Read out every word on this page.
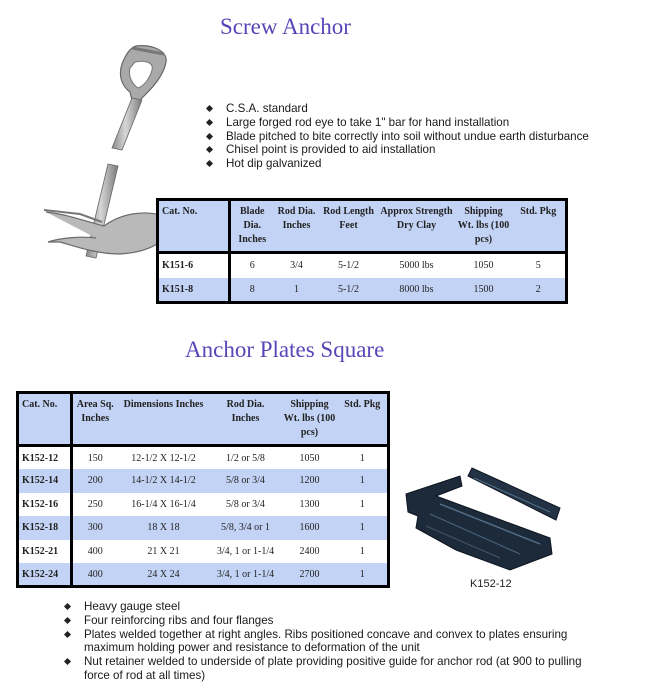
Screw Anchor
C.S.A. standard
Large forged rod eye to take 1" bar for hand installation
Blade pitched to bite correctly into soil without undue earth disturbance
Chisel point is provided to aid installation
Hot dip galvanized
Cat. No.	Blade Dia. Inches	Rod Dia. Inches	Rod Length Feet	Approx Strength Dry Clay	Shipping Wt. lbs (100 pcs)	Std. Pkg
K151-6	6	3/4	5-1/2	5000 lbs	1050	5
K151-8	8	1	5-1/2	8000 lbs	1500	2
Anchor Plates Square
Cat. No.	Area Sq. Inches	Dimensions Inches	Rod Dia. Inches	Shipping Wt. lbs (100 pcs)	Std. Pkg
K152-12	150	12-1/2 X 12-1/2	1/2 or 5/8	1050	1
K152-14	200	14-1/2 X 14-1/2	5/8 or 3/4	1200	1
K152-16	250	16-1/4 X 16-1/4	5/8 or 3/4	1300	1
K152-18	300	18 X 18	5/8, 3/4 or 1	1600	1
K152-21	400	21 X 21	3/4, 1 or 1-1/4	2400	1
K152-24	400	24 X 24	3/4, 1 or 1-1/4	2700	1
K152-12
Heavy gauge steel
Four reinforcing ribs and four flanges
Plates welded together at right angles. Ribs positioned concave and convex to plates ensuring maximum holding power and resistance to deformation of the unit
Nut retainer welded to underside of plate providing positive guide for anchor rod (at 900 to pulling force of rod at all times)
